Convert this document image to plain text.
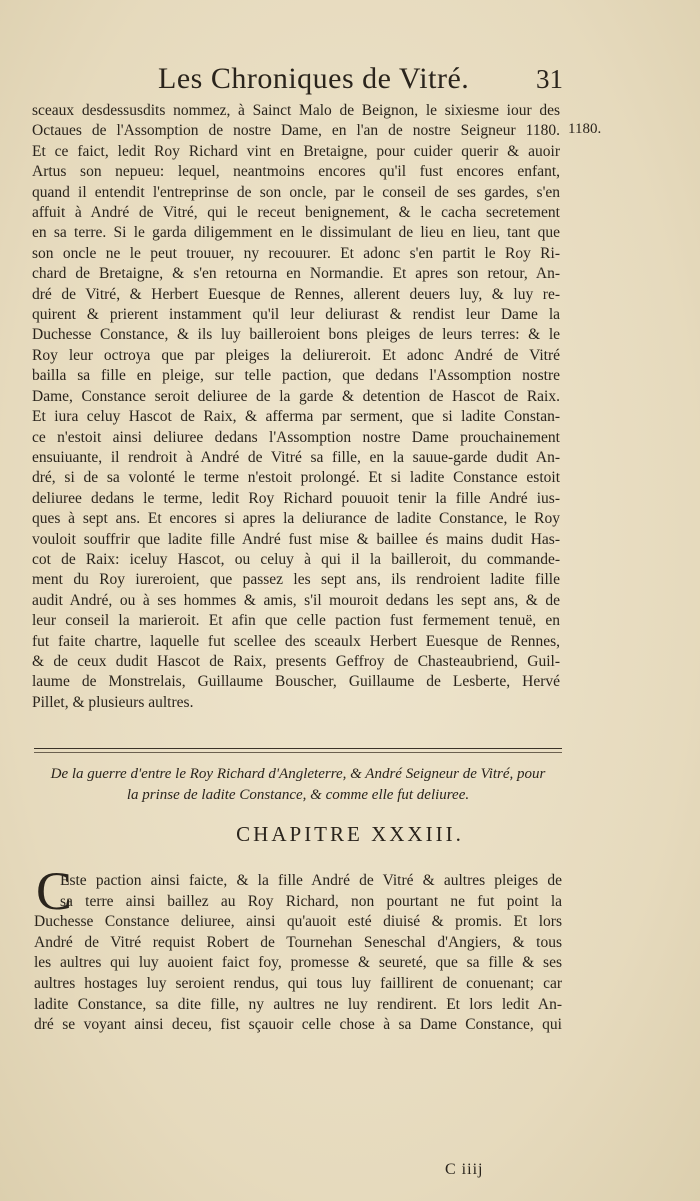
Les Chroniques de Vitré. 31
1180.

sceaux desdessusdits nommez, à Sainct Malo de Beignon, le sixiesme iour des

Octaues de l'Assomption de nostre Dame, en l'an de nostre Seigneur 1180.

Et ce faict, ledit Roy Richard vint en Bretaigne, pour cuider querir & auoir

Artus son nepueu: lequel, neantmoins encores qu'il fust encores enfant,

quand il entendit l'entreprinse de son oncle, par le conseil de ses gardes, s'en

affuit à André de Vitré, qui le receut benignement, & le cacha secretement

en sa terre. Si le garda diligemment en le dissimulant de lieu en lieu, tant que

son oncle ne le peut trouuer, ny recouurer. Et adonc s'en partit le Roy Ri-

chard de Bretaigne, & s'en retourna en Normandie. Et apres son retour, An-

dré de Vitré, & Herbert Euesque de Rennes, allerent deuers luy, & luy re-

quirent & prierent instamment qu'il leur deliurast & rendist leur Dame la

Duchesse Constance, & ils luy bailleroient bons pleiges de leurs terres: & le

Roy leur octroya que par pleiges la deliureroit. Et adonc André de Vitré

bailla sa fille en pleige, sur telle paction, que dedans l'Assomption nostre

Dame, Constance seroit deliuree de la garde & detention de Hascot de Raix.

Et iura celuy Hascot de Raix, & afferma par serment, que si ladite Constan-

ce n'estoit ainsi deliuree dedans l'Assomption nostre Dame prouchainement

ensuiuante, il rendroit à André de Vitré sa fille, en la sauue-garde dudit An-

dré, si de sa volonté le terme n'estoit prolongé. Et si ladite Constance estoit

deliuree dedans le terme, ledit Roy Richard pouuoit tenir la fille André ius-

ques à sept ans. Et encores si apres la deliurance de ladite Constance, le Roy

vouloit souffrir que ladite fille André fust mise & baillee és mains dudit Has-

cot de Raix: iceluy Hascot, ou celuy à qui il la bailleroit, du commande-

ment du Roy iureroient, que passez les sept ans, ils rendroient ladite fille

audit André, ou à ses hommes & amis, s'il mouroit dedans les sept ans, & de

leur conseil la marieroit. Et afin que celle paction fust fermement tenuë, en

fut faite chartre, laquelle fut scellee des sceaulx Herbert Euesque de Rennes,

& de ceux dudit Hascot de Raix, presents Geffroy de Chasteaubriend, Guil-

laume de Monstrelais, Guillaume Bouscher, Guillaume de Lesberte, Hervé

Pillet, & plusieurs aultres.

De la guerre d'entre le Roy Richard d'Angleterre, & André Seigneur de Vitré, pour
la prinse de ladite Constance, & comme elle fut deliuree.
CHAPITRE XXXIII.
C

Este paction ainsi faicte, & la fille André de Vitré & aultres pleiges de

sa terre ainsi baillez au Roy Richard, non pourtant ne fut point la

Duchesse Constance deliuree, ainsi qu'auoit esté diuisé & promis. Et lors

André de Vitré requist Robert de Tournehan Seneschal d'Angiers, & tous

les aultres qui luy auoient faict foy, promesse & seureté, que sa fille & ses

aultres hostages luy seroient rendus, qui tous luy faillirent de conuenant; car

ladite Constance, sa dite fille, ny aultres ne luy rendirent. Et lors ledit An-

dré se voyant ainsi deceu, fist sçauoir celle chose à sa Dame Constance, qui

C iiij
